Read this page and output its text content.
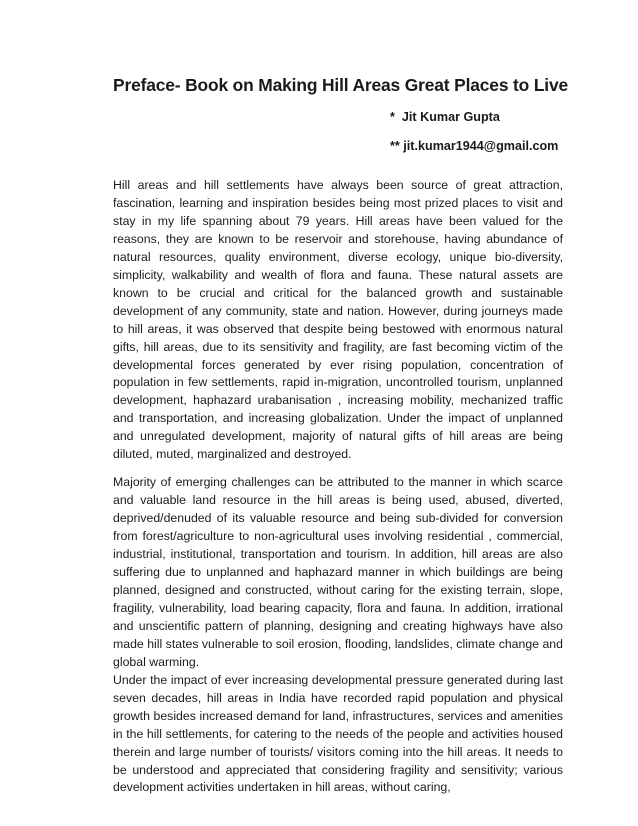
Preface- Book on Making Hill Areas Great Places to Live
*  Jit Kumar Gupta
** jit.kumar1944@gmail.com

Hill areas and hill settlements have always been source of great attraction, fascination, learning and inspiration besides being most prized places to visit and stay in my life spanning about 79 years. Hill areas have been valued for the reasons, they are known to be reservoir and storehouse, having abundance of natural resources, quality environment, diverse ecology, unique bio-diversity, simplicity, walkability and wealth of flora and fauna. These natural assets are known to be crucial and critical for the balanced growth and sustainable development of any community, state and nation. However, during journeys made to hill areas, it was observed that despite being bestowed with enormous natural gifts, hill areas, due to its sensitivity and fragility, are fast becoming victim of the developmental forces generated by ever rising population, concentration of population in few settlements, rapid in-migration, uncontrolled tourism, unplanned development, haphazard urabanisation , increasing mobility, mechanized traffic and transportation, and increasing globalization. Under the impact of unplanned and unregulated development, majority of natural gifts of hill areas are being diluted, muted, marginalized and destroyed.

Majority of emerging challenges can be attributed to the manner in which scarce and valuable land resource in the hill areas is being used, abused, diverted, deprived/denuded of its valuable resource and being sub-divided for conversion from forest/agriculture to non-agricultural uses involving residential , commercial, industrial, institutional, transportation and tourism. In addition, hill areas are also suffering due to unplanned and haphazard manner in which buildings are being planned, designed and constructed, without caring for the existing terrain, slope, fragility, vulnerability, load bearing capacity, flora and fauna. In addition, irrational and unscientific pattern of planning, designing and creating highways have also made hill states vulnerable to soil erosion, flooding, landslides, climate change and global warming.

Under the impact of ever increasing developmental pressure generated during last seven decades, hill areas in India have recorded rapid population and physical growth besides increased demand for land, infrastructures, services and amenities in the hill settlements, for catering to the needs of the people and activities housed therein and large number of tourists/ visitors coming into the hill areas. It needs to be understood and appreciated that considering fragility and sensitivity; various development activities undertaken in hill areas, without caring,
